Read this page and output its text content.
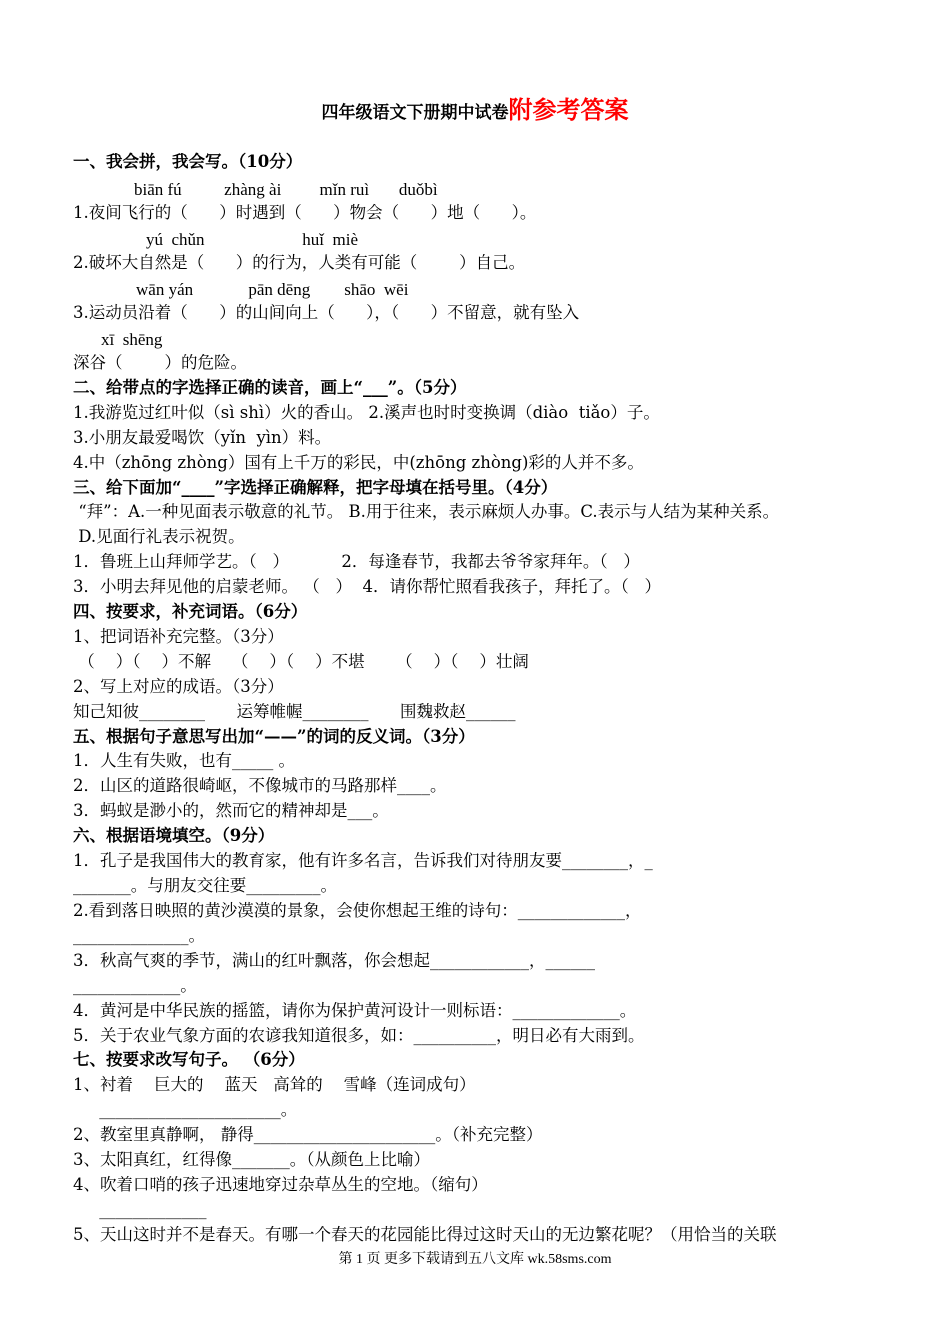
四年级语文下册期中试卷附参考答案
一、我会拼，我会写。（10分）
biān fú          zhàng ài         mǐn ruì       duǒbì
1.夜间飞行的（      ）时遇到（      ）物会（      ）地（      ）。
yú  chǔn                       huǐ  miè
2.破坏大自然是（      ）的行为，人类有可能（        ）自己。
wān yán             pān dēng        shāo  wēi
3.运动员沿着（      ）的山间向上（      ），（      ）不留意，就有坠入
xī  shēng
深谷（        ）的危险。
二、给带点的字选择正确的读音，画上“___”。（5分）
1.我游览过红叶似（sì shì）火的香山。 2.溪声也时时变换调（diào  tiǎo）子。
3.小朋友最爱喝饮（yǐn  yìn）料。
4.中（zhōng zhòng）国有上千万的彩民，中(zhōng zhòng)彩的人并不多。
三、给下面加“____”字选择正确解释，把字母填在括号里。（4分）
“拜”：A.一种见面表示敬意的礼节。 B.用于往来，表示麻烦人办事。C.表示与人结为某种关系。
D.见面行礼表示祝贺。
1．鲁班上山拜师学艺。（   ）          2．每逢春节，我都去爷爷家拜年。（   ）
3．小明去拜见他的启蒙老师。 （   ）  4．请你帮忙照看我孩子，拜托了。（   ）
四、按要求，补充词语。（6分）
1、把词语补充完整。（3分）
（    ）（    ）不解    （    ）（    ）不堪      （    ）（    ）壮阔
2、写上对应的成语。（3分）
知己知彼________      运筹帷幄________      围魏救赵______
五、根据句子意思写出加“——”的词的反义词。（3分）
1．人生有失败，也有_____ 。
2．山区的道路很崎岖，不像城市的马路那样____。
3．蚂蚁是渺小的，然而它的精神却是___。
六、根据语境填空。（9分）
1．孔子是我国伟大的教育家，他有许多名言，告诉我们对待朋友要________，_
_______。与朋友交往要_________。
2.看到落日映照的黄沙漠漠的景象，会使你想起王维的诗句：_____________，
______________。
3．秋高气爽的季节，满山的红叶飘落，你会想起____________，______
_____________。
4．黄河是中华民族的摇篮，请你为保护黄河设计一则标语：_____________。
5．关于农业气象方面的农谚我知道很多，如：__________，明日必有大雨到。
七、按要求改写句子。 （6分）
1、衬着    巨大的    蓝天   高耸的    雪峰（连词成句）
______________________。
2、教室里真静啊， 静得______________________。（补充完整）
3、太阳真红，红得像_______。（从颜色上比喻）
4、吹着口哨的孩子迅速地穿过杂草丛生的空地。（缩句）
_____________
5、天山这时并不是春天。有哪一个春天的花园能比得过这时天山的无边繁花呢？（用恰当的关联
第 1 页 更多下载请到五八文库 wk.58sms.com
